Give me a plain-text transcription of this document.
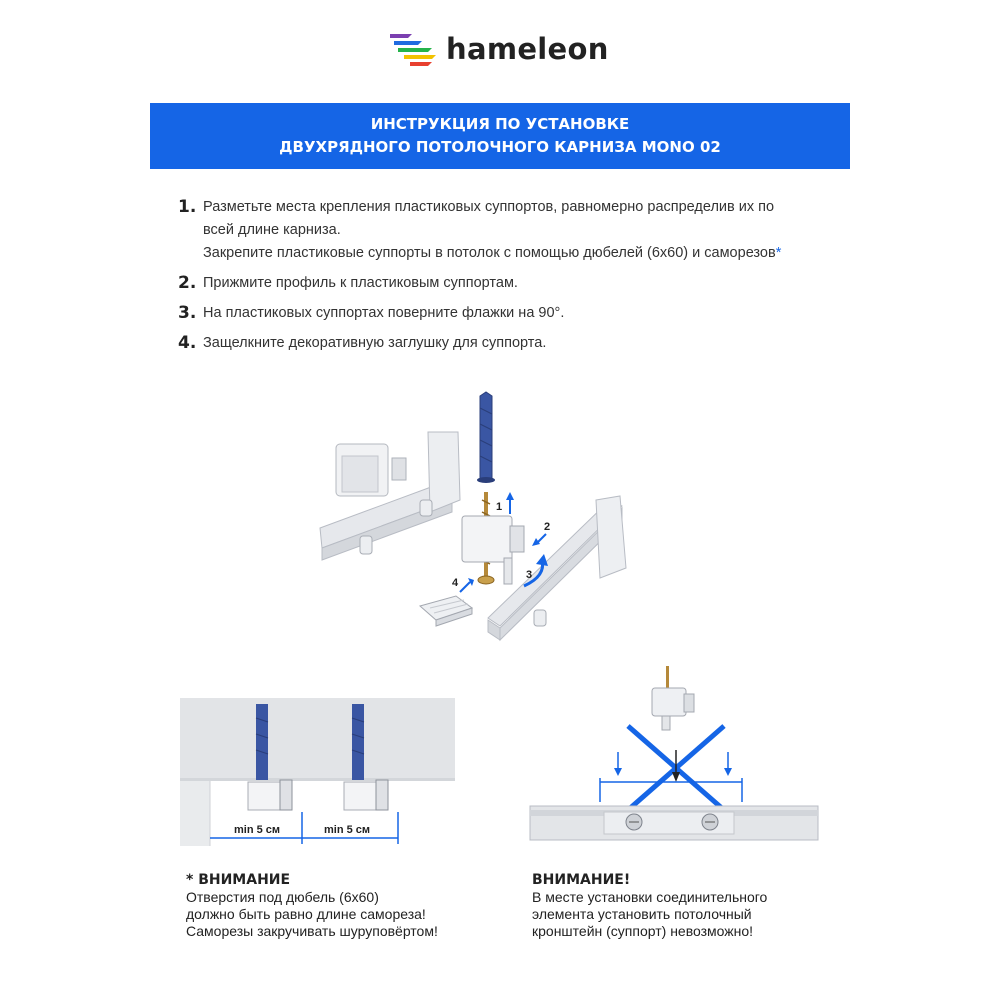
hameleon
ИНСТРУКЦИЯ ПО УСТАНОВКЕ
ДВУХРЯДНОГО ПОТОЛОЧНОГО КАРНИЗА MONO 02
1. Разметьте места крепления пластиковых суппортов, равномерно распределив их по

всей длине карниза.

Закрепите пластиковые суппорты в потолок с помощью дюбелей (6х60) и саморезов*

2. Прижмите профиль к пластиковым суппортам.

3. На пластиковых суппортах поверните флажки на 90°.

4. Защелкните декоративную заглушку для суппорта.

1
2
3
4
min 5 см	min 5 см
* ВНИМАНИЕ

Отверстия под дюбель (6х60)

должно быть равно длине самореза!

Саморезы закручивать шуруповёртом!

ВНИМАНИЕ!

В месте установки соединительного

элемента установить потолочный

кронштейн (суппорт) невозможно!
